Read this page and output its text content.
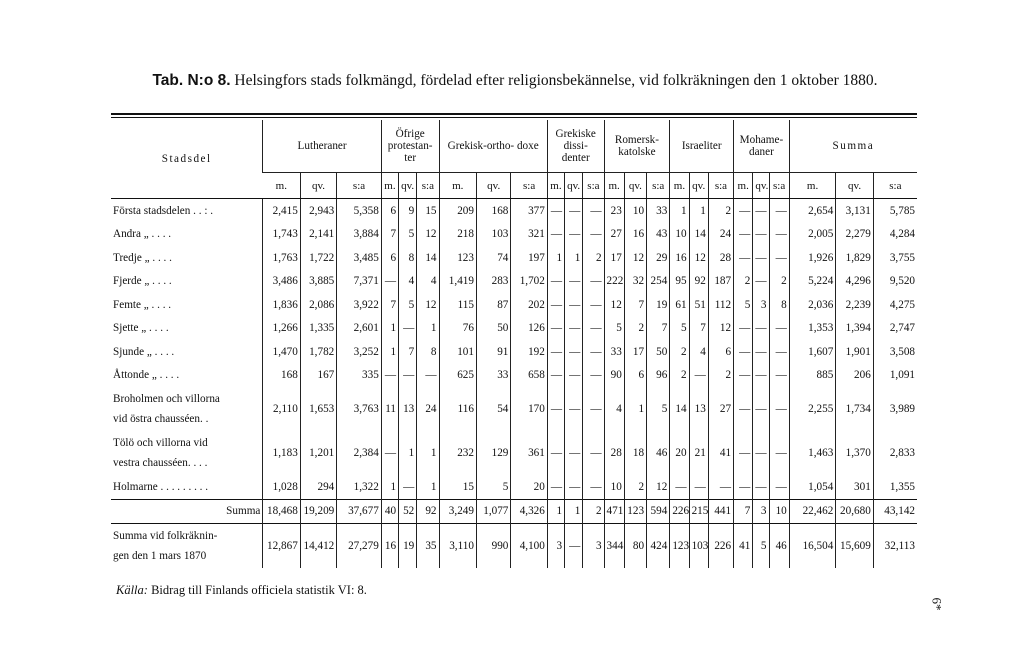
Tab. N:o 8. Helsingfors stads folkmängd, fördelad efter religionsbekännelse, vid folkräkningen den 1 oktober 1880.
Stadsdel	Lutheraner			Öfrige protestan- ter			Grekisk-ortho- doxe			Grekiske dissi- denter			Romersk- katolske			Israeliter			Mohame- daner			Summa		
	m.	qv.	s:a	m.	qv.	s:a	m.	qv.	s:a	m.	qv.	s:a	m.	qv.	s:a	m.	qv.	s:a	m.	qv.	s:a	m.	qv.	s:a
Första stadsdelen . . : .	2,415	2,943	5,358	6	9	15	209	168	377	—	—	—	23	10	33	1	1	2	—	—	—	2,654	3,131	5,785
Andra „ . . . .	1,743	2,141	3,884	7	5	12	218	103	321	—	—	—	27	16	43	10	14	24	—	—	—	2,005	2,279	4,284
Tredje „ . . . .	1,763	1,722	3,485	6	8	14	123	74	197	1	1	2	17	12	29	16	12	28	—	—	—	1,926	1,829	3,755
Fjerde „ . . . .	3,486	3,885	7,371	—	4	4	1,419	283	1,702	—	—	—	222	32	254	95	92	187	2	—	2	5,224	4,296	9,520
Femte „ . . . .	1,836	2,086	3,922	7	5	12	115	87	202	—	—	—	12	7	19	61	51	112	5	3	8	2,036	2,239	4,275
Sjette „ . . . .	1,266	1,335	2,601	1	—	1	76	50	126	—	—	—	5	2	7	5	7	12	—	—	—	1,353	1,394	2,747
Sjunde „ . . . .	1,470	1,782	3,252	1	7	8	101	91	192	—	—	—	33	17	50	2	4	6	—	—	—	1,607	1,901	3,508
Åttonde „ . . . .	168	167	335	—	—	—	625	33	658	—	—	—	90	6	96	2	—	2	—	—	—	885	206	1,091
Broholmen och villorna
vid östra chausséen. .	2,110	1,653	3,763	11	13	24	116	54	170	—	—	—	4	1	5	14	13	27	—	—	—	2,255	1,734	3,989
Tölö och villorna vid
vestra chausséen. . . .	1,183	1,201	2,384	—	1	1	232	129	361	—	—	—	28	18	46	20	21	41	—	—	—	1,463	1,370	2,833
Holmarne . . . . . . . . .	1,028	294	1,322	1	—	1	15	5	20	—	—	—	10	2	12	—	—	—	—	—	—	1,054	301	1,355
Summa	18,468	19,209	37,677	40	52	92	3,249	1,077	4,326	1	1	2	471	123	594	226	215	441	7	3	10	22,462	20,680	43,142
Summa vid folkräknin-
gen den 1 mars 1870	12,867	14,412	27,279	16	19	35	3,110	990	4,100	3	—	3	344	80	424	123	103	226	41	5	46	16,504	15,609	32,113
Källa: Bidrag till Finlands officiela statistik VI: 8.
6*
